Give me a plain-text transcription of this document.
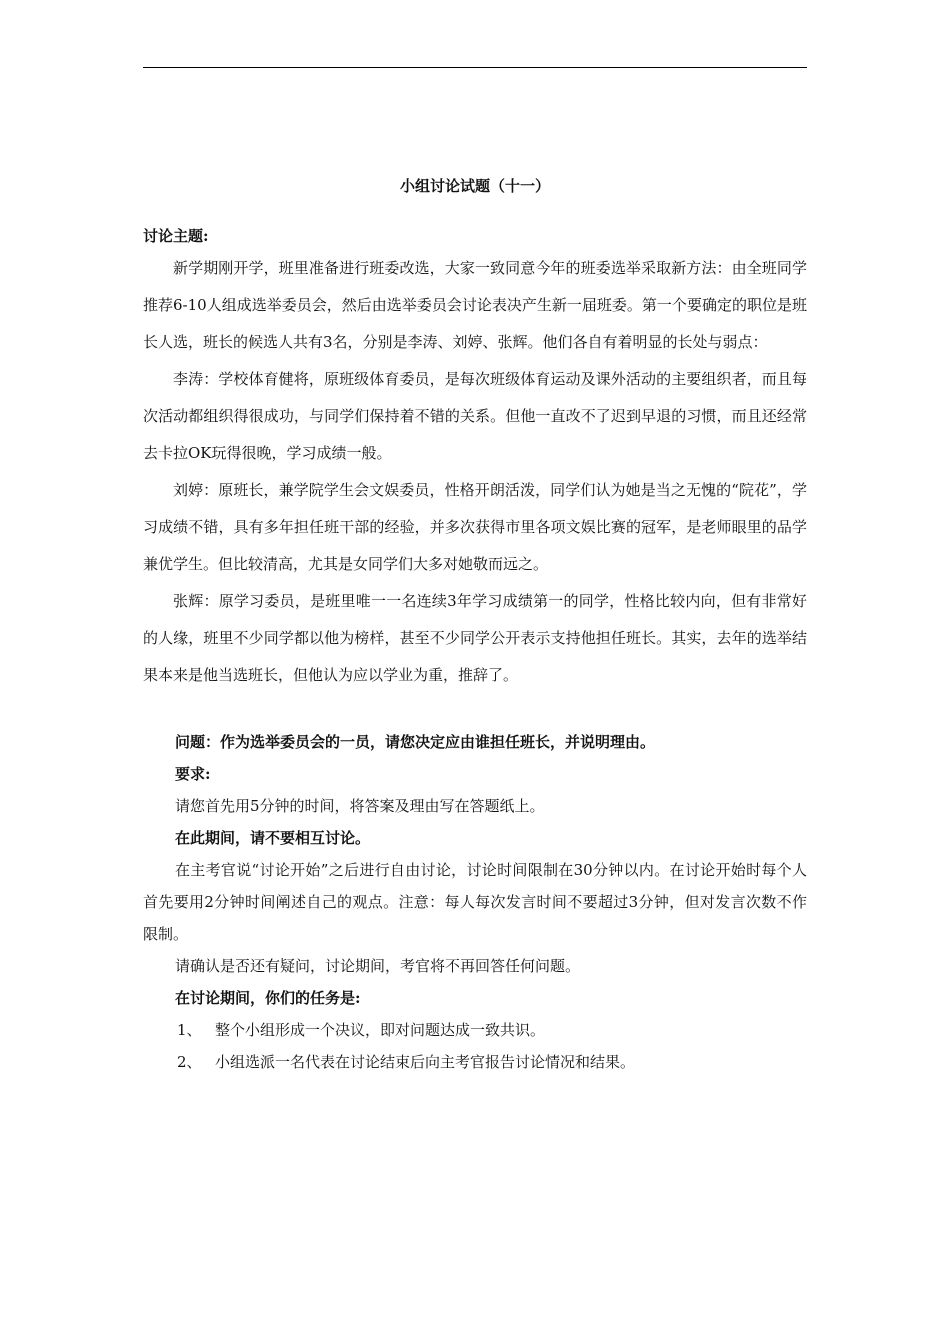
小组讨论试题（十一）

讨论主题:

新学期刚开学，班里准备进行班委改选，大家一致同意今年的班委选举采取新方法：由全班同学推荐6-10人组成选举委员会，然后由选举委员会讨论表决产生新一届班委。第一个要确定的职位是班长人选，班长的候选人共有3名，分别是李涛、刘婷、张辉。他们各自有着明显的长处与弱点：

李涛：学校体育健将，原班级体育委员，是每次班级体育运动及课外活动的主要组织者，而且每次活动都组织得很成功，与同学们保持着不错的关系。但他一直改不了迟到早退的习惯，而且还经常去卡拉OK玩得很晚，学习成绩一般。

刘婷：原班长，兼学院学生会文娱委员，性格开朗活泼，同学们认为她是当之无愧的“院花”，学习成绩不错，具有多年担任班干部的经验，并多次获得市里各项文娱比赛的冠军，是老师眼里的品学兼优学生。但比较清高，尤其是女同学们大多对她敬而远之。

张辉：原学习委员，是班里唯一一名连续3年学习成绩第一的同学，性格比较内向，但有非常好的人缘，班里不少同学都以他为榜样，甚至不少同学公开表示支持他担任班长。其实，去年的选举结果本来是他当选班长，但他认为应以学业为重，推辞了。

问题：作为选举委员会的一员，请您决定应由谁担任班长，并说明理由。

要求:

请您首先用5分钟的时间，将答案及理由写在答题纸上。

在此期间，请不要相互讨论。

在主考官说“讨论开始”之后进行自由讨论，讨论时间限制在30分钟以内。在讨论开始时每个人首先要用2分钟时间阐述自己的观点。注意：每人每次发言时间不要超过3分钟，但对发言次数不作限制。

请确认是否还有疑问，讨论期间，考官将不再回答任何问题。

在讨论期间，你们的任务是:

1、 整个小组形成一个决议，即对问题达成一致共识。

2、 小组选派一名代表在讨论结束后向主考官报告讨论情况和结果。
